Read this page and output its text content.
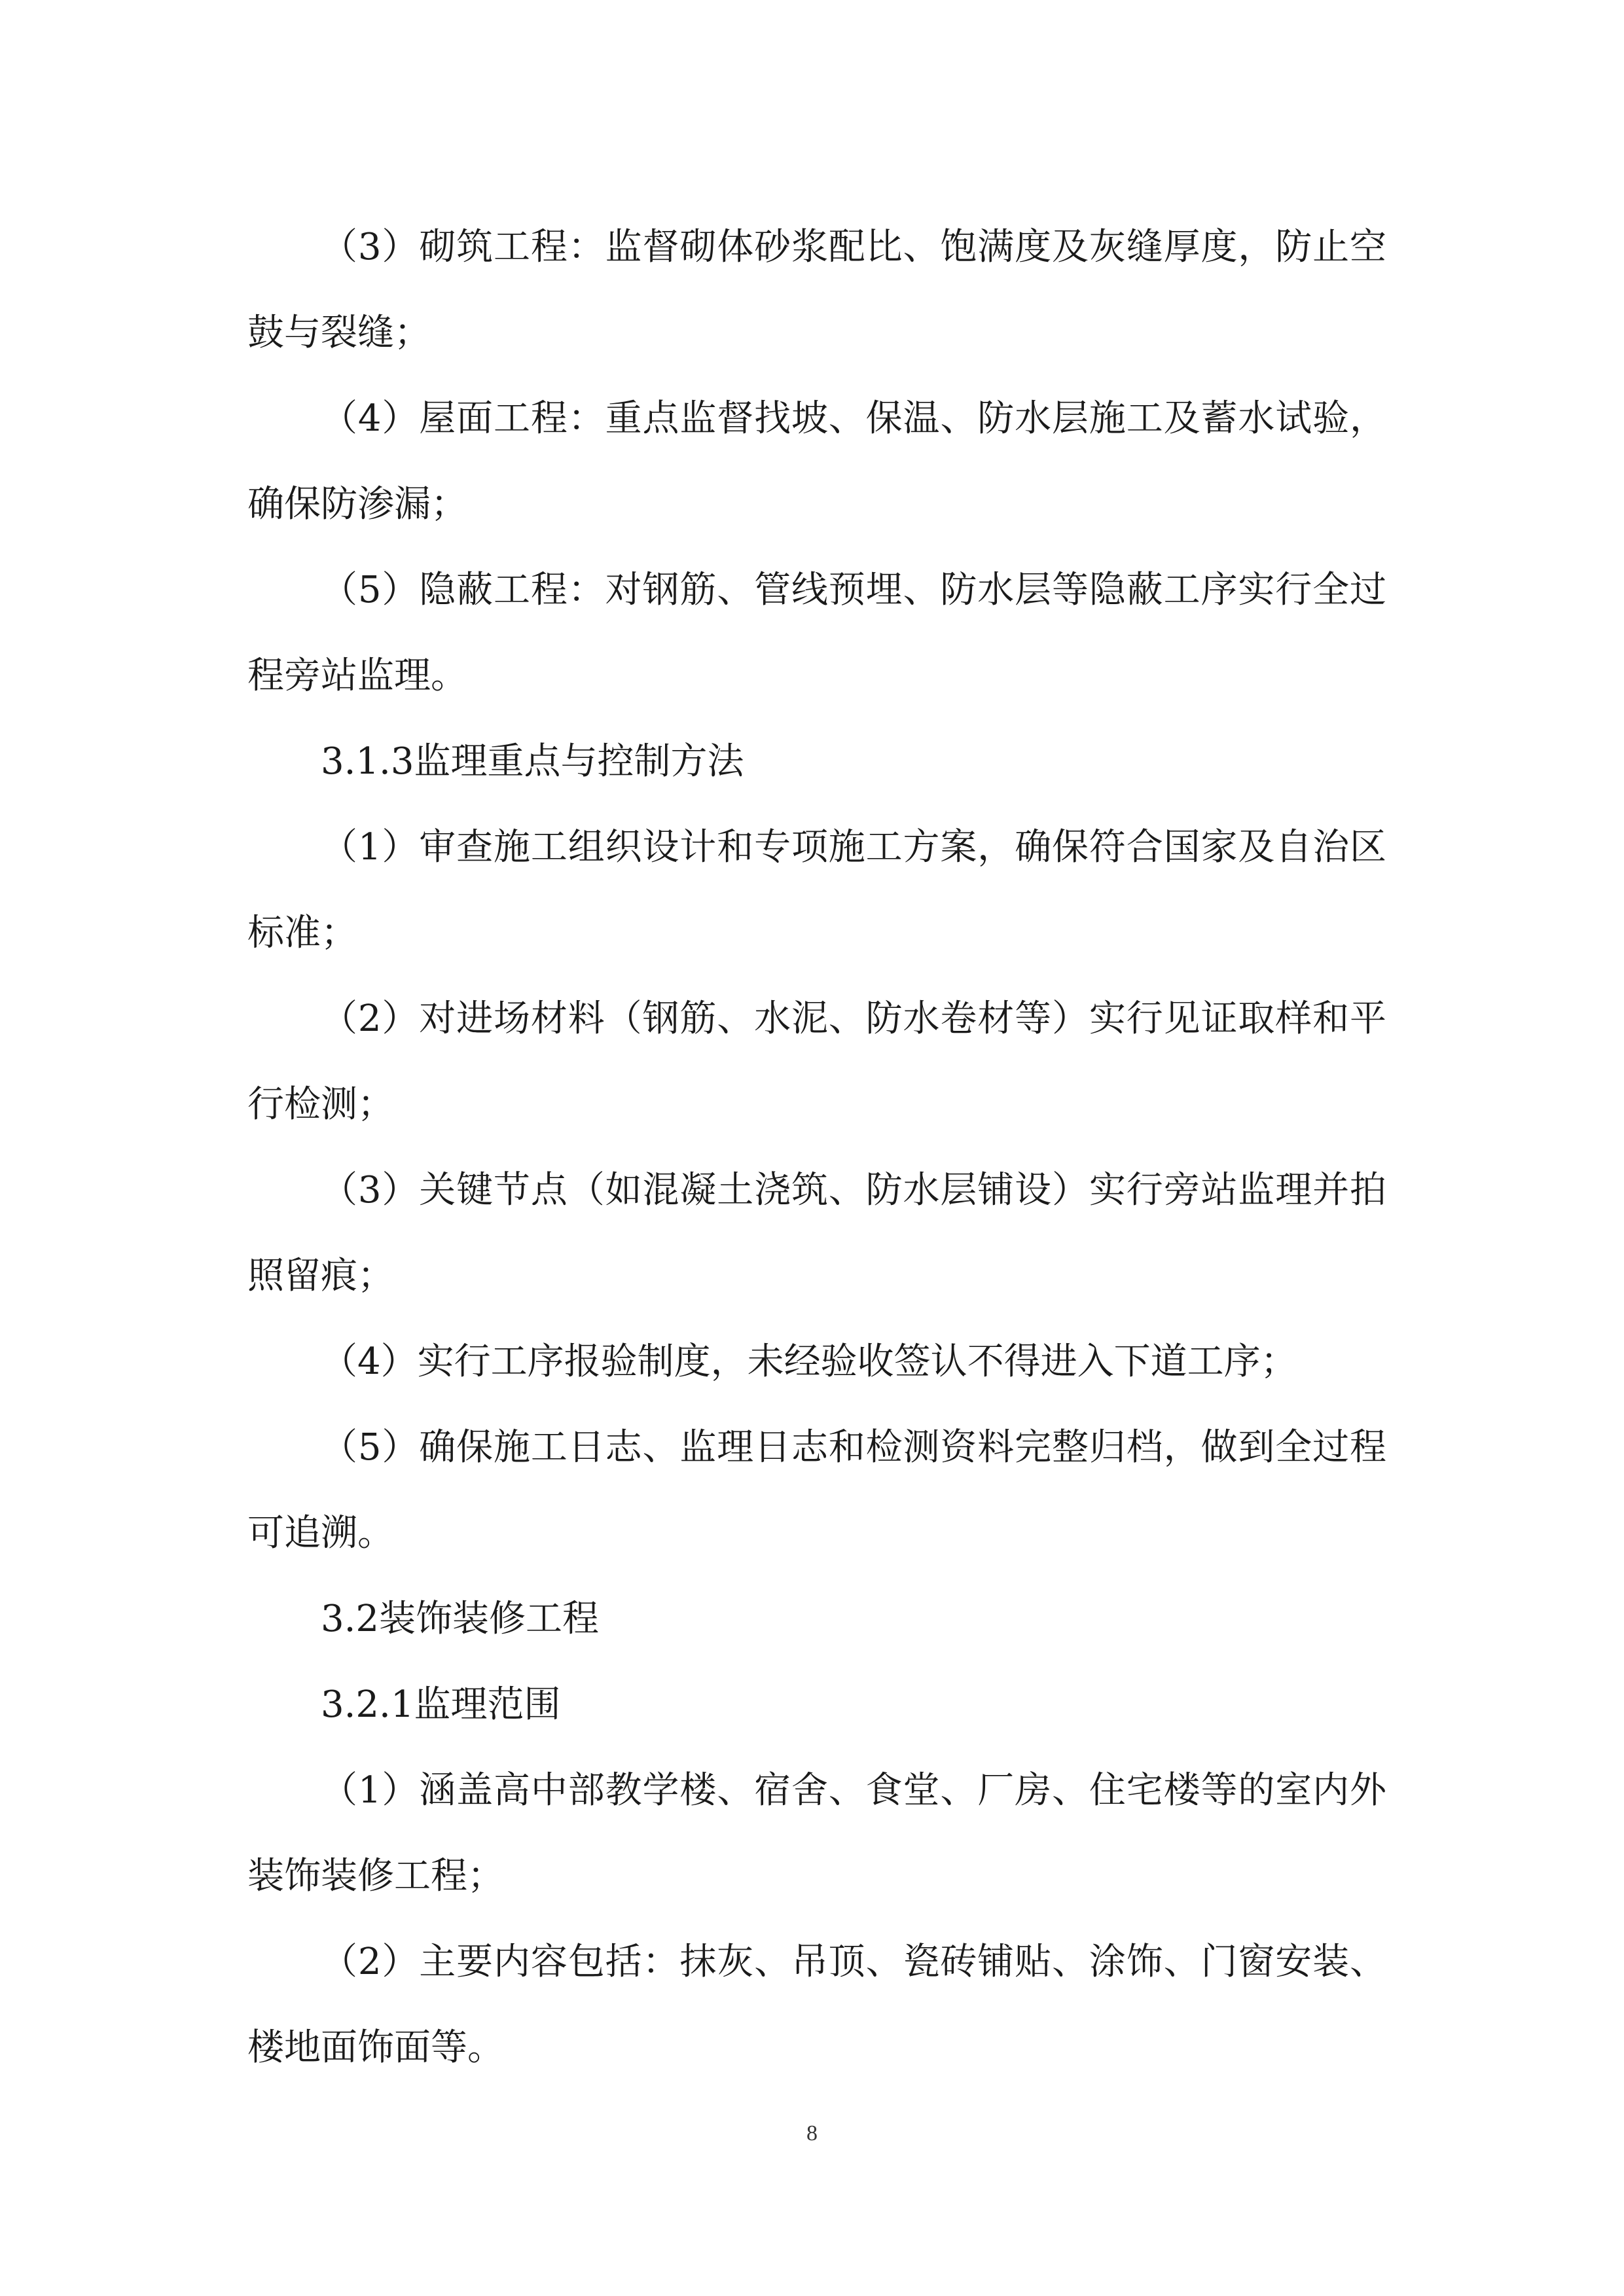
（3）砌筑工程：监督砌体砂浆配比、饱满度及灰缝厚度，防止空鼓与裂缝；

（4）屋面工程：重点监督找坡、保温、防水层施工及蓄水试验，确保防渗漏；

（5）隐蔽工程：对钢筋、管线预埋、防水层等隐蔽工序实行全过程旁站监理。

3.1.3监理重点与控制方法

（1）审查施工组织设计和专项施工方案，确保符合国家及自治区标准；

（2）对进场材料（钢筋、水泥、防水卷材等）实行见证取样和平行检测；

（3）关键节点（如混凝土浇筑、防水层铺设）实行旁站监理并拍照留痕；

（4）实行工序报验制度，未经验收签认不得进入下道工序；

（5）确保施工日志、监理日志和检测资料完整归档，做到全过程可追溯。

3.2装饰装修工程

3.2.1监理范围

（1）涵盖高中部教学楼、宿舍、食堂、厂房、住宅楼等的室内外装饰装修工程；

（2）主要内容包括：抹灰、吊顶、瓷砖铺贴、涂饰、门窗安装、楼地面饰面等。

8
